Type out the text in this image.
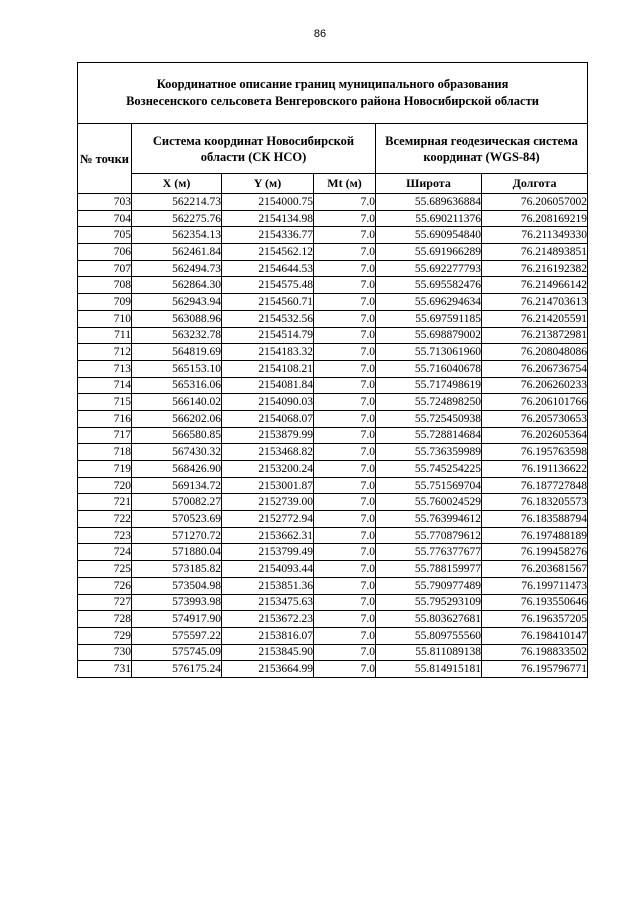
86
Координатное описание границ муниципального образования
Вознесенского сельсовета Венгеровского района Новосибирской области					

№ точки	Система координат Новосибирской области (СК НСО)			Всемирная геодезическая система координат (WGS-84)	
	X (м)	Y (м)	Mt (м)	Широта	Долгота
703	562214.73	2154000.75	7.0	55.689636884	76.206057002
704	562275.76	2154134.98	7.0	55.690211376	76.208169219
705	562354.13	2154336.77	7.0	55.690954840	76.211349330
706	562461.84	2154562.12	7.0	55.691966289	76.214893851
707	562494.73	2154644.53	7.0	55.692277793	76.216192382
708	562864.30	2154575.48	7.0	55.695582476	76.214966142
709	562943.94	2154560.71	7.0	55.696294634	76.214703613
710	563088.96	2154532.56	7.0	55.697591185	76.214205591
711	563232.78	2154514.79	7.0	55.698879002	76.213872981
712	564819.69	2154183.32	7.0	55.713061960	76.208048086
713	565153.10	2154108.21	7.0	55.716040678	76.206736754
714	565316.06	2154081.84	7.0	55.717498619	76.206260233
715	566140.02	2154090.03	7.0	55.724898250	76.206101766
716	566202.06	2154068.07	7.0	55.725450938	76.205730653
717	566580.85	2153879.99	7.0	55.728814684	76.202605364
718	567430.32	2153468.82	7.0	55.736359989	76.195763598
719	568426.90	2153200.24	7.0	55.745254225	76.191136622
720	569134.72	2153001.87	7.0	55.751569704	76.187727848
721	570082.27	2152739.00	7.0	55.760024529	76.183205573
722	570523.69	2152772.94	7.0	55.763994612	76.183588794
723	571270.72	2153662.31	7.0	55.770879612	76.197488189
724	571880.04	2153799.49	7.0	55.776377677	76.199458276
725	573185.82	2154093.44	7.0	55.788159977	76.203681567
726	573504.98	2153851.36	7.0	55.790977489	76.199711473
727	573993.98	2153475.63	7.0	55.795293109	76.193550646
728	574917.90	2153672.23	7.0	55.803627681	76.196357205
729	575597.22	2153816.07	7.0	55.809755560	76.198410147
730	575745.09	2153845.90	7.0	55.811089138	76.198833502
731	576175.24	2153664.99	7.0	55.814915181	76.195796771
